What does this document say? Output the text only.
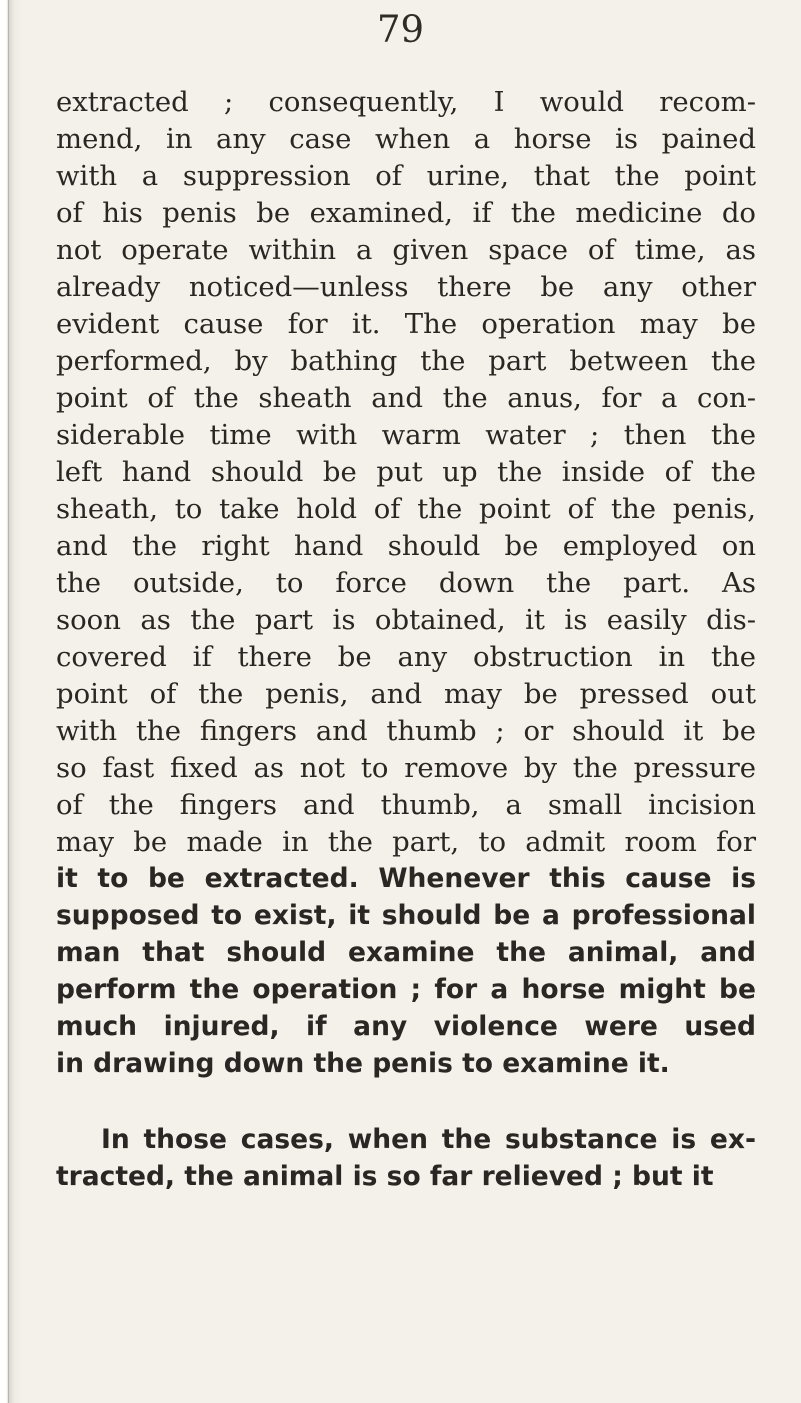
79
extracted ; consequently, I would recom-
mend, in any case when a horse is pained
with a suppression of urine, that the point
of his penis be examined, if the medicine do
not operate within a given space of time, as
already noticed—unless there be any other
evident cause for it. The operation may be
performed, by bathing the part between the
point of the sheath and the anus, for a con-
siderable time with warm water ; then the
left hand should be put up the inside of the
sheath, to take hold of the point of the penis,
and the right hand should be employed on
the outside, to force down the part. As
soon as the part is obtained, it is easily dis-
covered if there be any obstruction in the
point of the penis, and may be pressed out
with the fingers and thumb ; or should it be
so fast fixed as not to remove by the pressure
of the fingers and thumb, a small incision
may be made in the part, to admit room for
it to be extracted. Whenever this cause is
supposed to exist, it should be a professional
man that should examine the animal, and
perform the operation ; for a horse might be
much injured, if any violence were used
in drawing down the penis to examine it.
In those cases, when the substance is ex-
tracted, the animal is so far relieved ; but it
